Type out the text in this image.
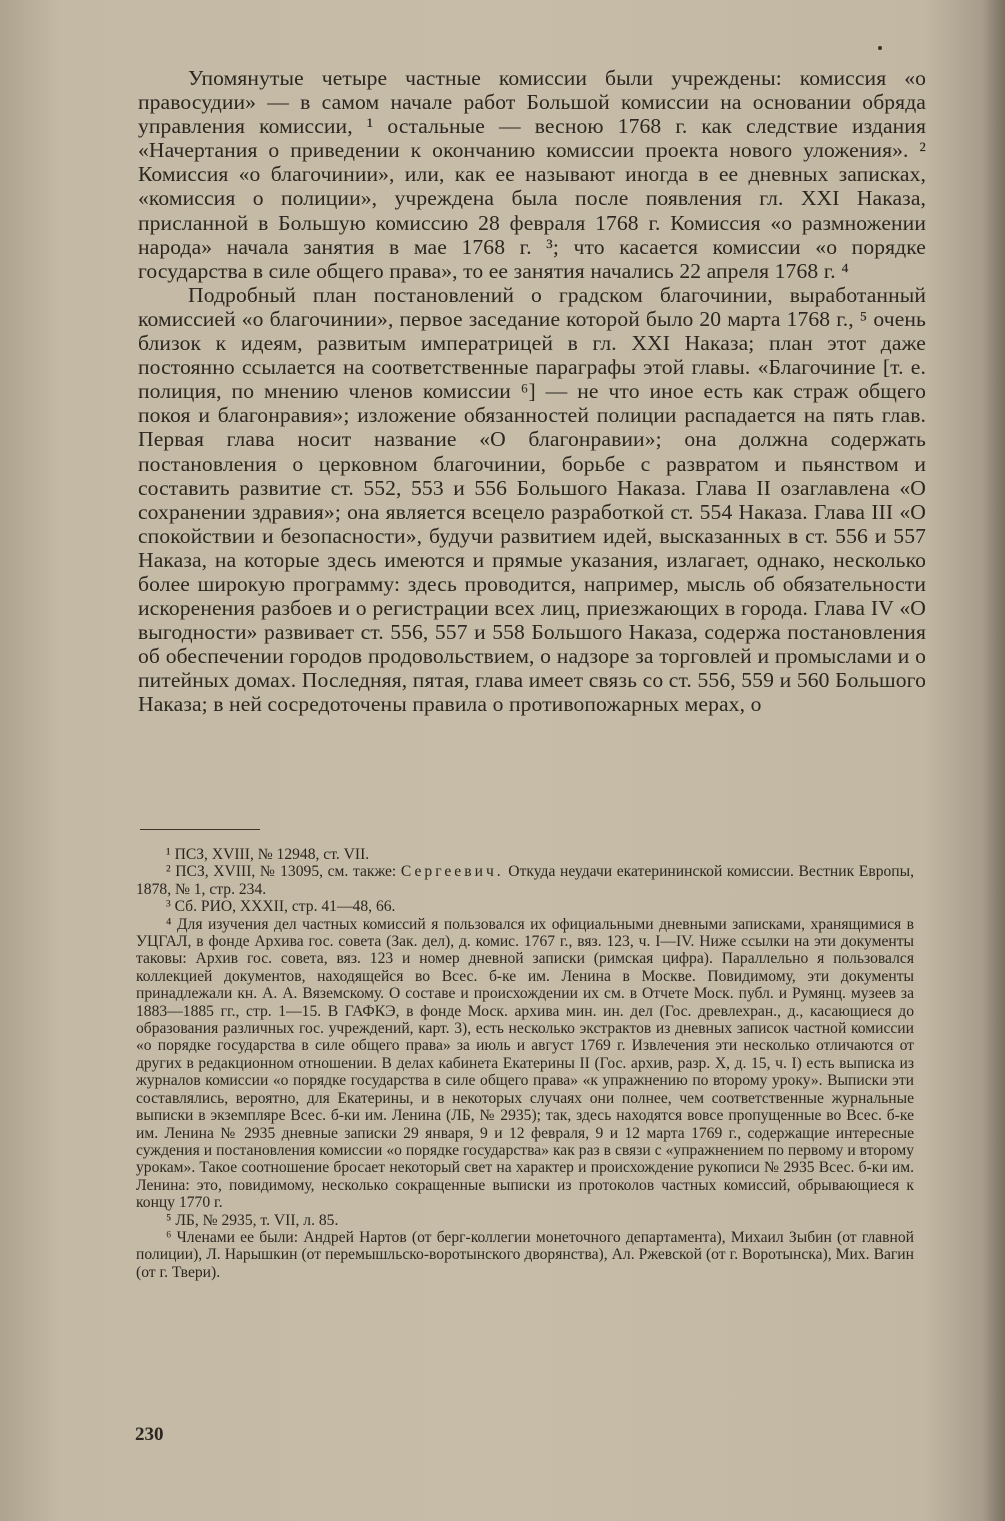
Упомянутые четыре частные комиссии были учреждены: комиссия «о правосудии» — в самом начале работ Большой комиссии на основании обряда управления комиссии, ¹ остальные — весною 1768 г. как следствие издания «Начертания о приведении к окончанию комиссии проекта нового уложения». ² Комиссия «о благочинии», или, как ее называют иногда в ее дневных записках, «комиссия о полиции», учреждена была после появления гл. XXI Наказа, присланной в Большую комиссию 28 февраля 1768 г. Комиссия «о размножении народа» начала занятия в мае 1768 г. ³; что касается комиссии «о порядке государства в силе общего права», то ее занятия начались 22 апреля 1768 г. ⁴

Подробный план постановлений о градском благочинии, выработанный комиссией «о благочинии», первое заседание которой было 20 марта 1768 г., ⁵ очень близок к идеям, развитым императрицей в гл. XXI Наказа; план этот даже постоянно ссылается на соответственные параграфы этой главы. «Благочиние [т. е. полиция, по мнению членов комиссии ⁶] — не что иное есть как страж общего покоя и благонравия»; изложение обязанностей полиции распадается на пять глав. Первая глава носит название «О благонравии»; она должна содержать постановления о церковном благочинии, борьбе с развратом и пьянством и составить развитие ст. 552, 553 и 556 Большого Наказа. Глава II озаглавлена «О сохранении здравия»; она является всецело разработкой ст. 554 Наказа. Глава III «О спокойствии и безопасности», будучи развитием идей, высказанных в ст. 556 и 557 Наказа, на которые здесь имеются и прямые указания, излагает, однако, несколько более широкую программу: здесь проводится, например, мысль об обязательности искоренения разбоев и о регистрации всех лиц, приезжающих в города. Глава IV «О выгодности» развивает ст. 556, 557 и 558 Большого Наказа, содержа постановления об обеспечении городов продовольствием, о надзоре за торговлей и промыслами и о питейных домах. Последняя, пятая, глава имеет связь со ст. 556, 559 и 560 Большого Наказа; в ней сосредоточены правила о противопожарных мерах, о

¹ ПСЗ, XVIII, № 12948, ст. VII.

² ПСЗ, XVIII, № 13095, см. также: Сергеевич. Откуда неудачи екатерининской комиссии. Вестник Европы, 1878, № 1, стр. 234.

³ Сб. РИО, XXXII, стр. 41—48, 66.

⁴ Для изучения дел частных комиссий я пользовался их официальными дневными записками, хранящимися в УЦГАЛ, в фонде Архива гос. совета (Зак. дел), д. комис. 1767 г., вяз. 123, ч. I—IV. Ниже ссылки на эти документы таковы: Архив гос. совета, вяз. 123 и номер дневной записки (римская цифра). Параллельно я пользовался коллекцией документов, находящейся во Всес. б-ке им. Ленина в Москве. Повидимому, эти документы принадлежали кн. А. А. Вяземскому. О составе и происхождении их см. в Отчете Моск. публ. и Румянц. музеев за 1883—1885 гг., стр. 1—15. В ГАФКЭ, в фонде Моск. архива мин. ин. дел (Гос. древлехран., д., касающиеся до образования различных гос. учреждений, карт. 3), есть несколько экстрактов из дневных записок частной комиссии «о порядке государства в силе общего права» за июль и август 1769 г. Извлечения эти несколько отличаются от других в редакционном отношении. В делах кабинета Екатерины II (Гос. архив, разр. X, д. 15, ч. I) есть выписка из журналов комиссии «о порядке государства в силе общего права» «к упражнению по второму уроку». Выписки эти составлялись, вероятно, для Екатерины, и в некоторых случаях они полнее, чем соответственные журнальные выписки в экземпляре Всес. б-ки им. Ленина (ЛБ, № 2935); так, здесь находятся вовсе пропущенные во Всес. б-ке им. Ленина № 2935 дневные записки 29 января, 9 и 12 февраля, 9 и 12 марта 1769 г., содержащие интересные суждения и постановления комиссии «о порядке государства» как раз в связи с «упражнением по первому и второму урокам». Такое соотношение бросает некоторый свет на характер и происхождение рукописи № 2935 Всес. б-ки им. Ленина: это, повидимому, несколько сокращенные выписки из протоколов частных комиссий, обрывающиеся к концу 1770 г.

⁵ ЛБ, № 2935, т. VII, л. 85.

⁶ Членами ее были: Андрей Нартов (от берг-коллегии монеточного департамента), Михаил Зыбин (от главной полиции), Л. Нарышкин (от перемышльско-воротынского дворянства), Ал. Ржевской (от г. Воротынска), Мих. Вагин (от г. Твери).

230
